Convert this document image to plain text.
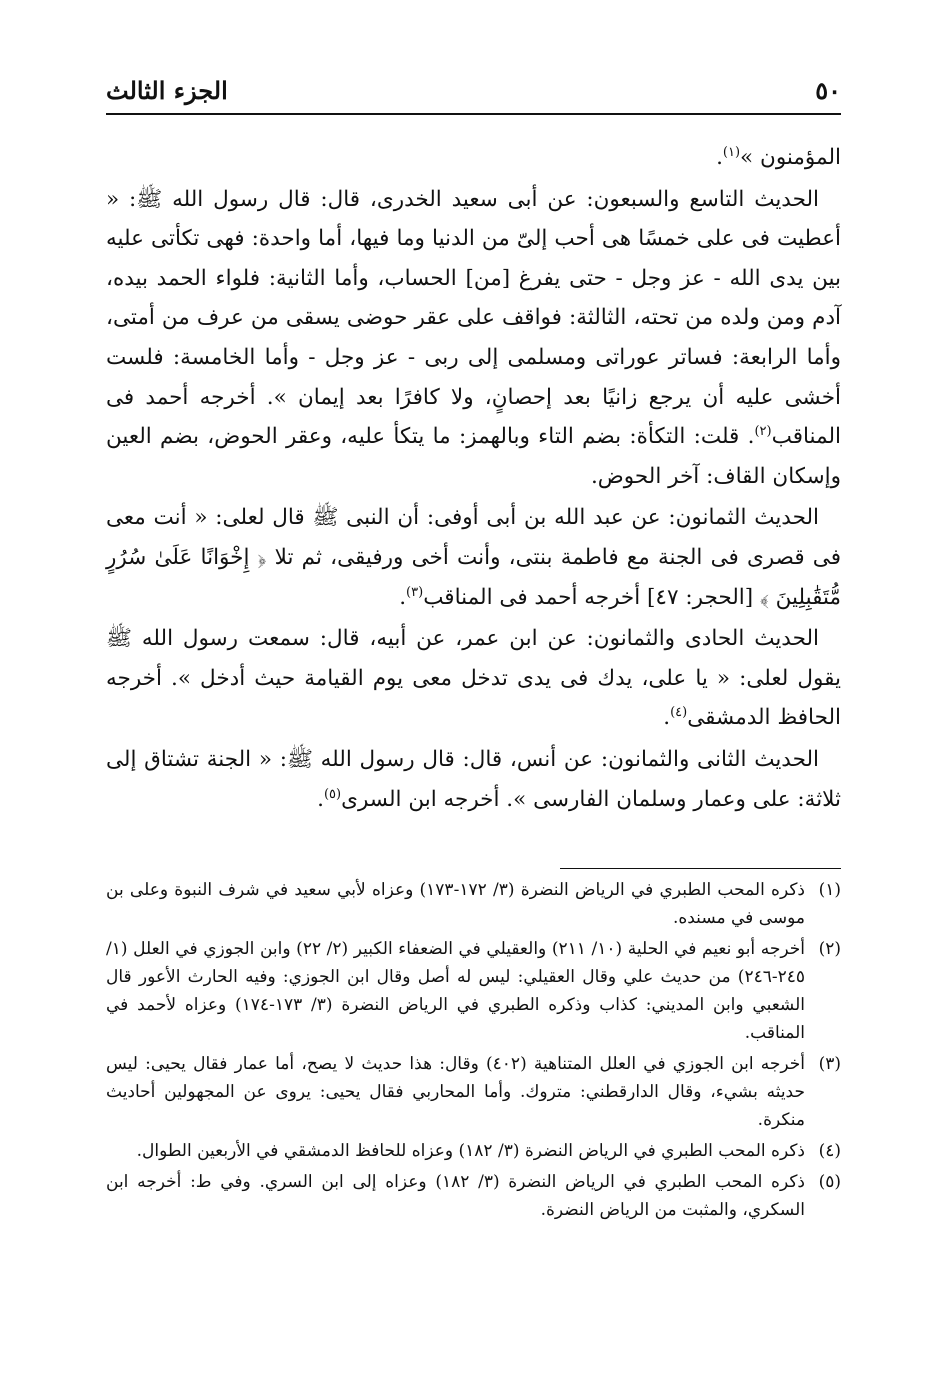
٥٠
الجزء الثالث

المؤمنون »$^{(١)}$.

الحديث التاسع والسبعون: عن أبى سعيد الخدرى، قال: قال رسول الله ﷺ: « أعطيت فى على خمسًا هى أحب إلىّ من الدنيا وما فيها، أما واحدة: فهى تكأتى عليه بين يدى الله - عز وجل - حتى يفرغ [من] الحساب، وأما الثانية: فلواء الحمد بيده، آدم ومن ولده من تحته، الثالثة: فواقف على عقر حوضى يسقى من عرف من أمتى، وأما الرابعة: فساتر عوراتى ومسلمى إلى ربى - عز وجل - وأما الخامسة: فلست أخشى عليه أن يرجع زانيًا بعد إحصانٍ، ولا كافرًا بعد إيمان ». أخرجه أحمد فى المناقب$^{(٢)}$. قلت: التكأة: بضم التاء وبالهمز: ما يتكأ عليه، وعقر الحوض، بضم العين وإسكان القاف: آخر الحوض.

الحديث الثمانون: عن عبد الله بن أبى أوفى: أن النبى ﷺ قال لعلى: « أنت معى فى قصرى فى الجنة مع فاطمة بنتى، وأنت أخى ورفيقى، ثم تلا ﴿ إِخْوَانًا عَلَىٰ سُرُرٍ مُّتَقَٰبِلِينَ ﴾ [الحجر: ٤٧] أخرجه أحمد فى المناقب$^{(٣)}$.

الحديث الحادى والثمانون: عن ابن عمر، عن أبيه، قال: سمعت رسول الله ﷺ يقول لعلى: « يا على، يدك فى يدى تدخل معى يوم القيامة حيث أدخل ». أخرجه الحافظ الدمشقى$^{(٤)}$.

الحديث الثانى والثمانون: عن أنس، قال: قال رسول الله ﷺ: « الجنة تشتاق إلى ثلاثة: على وعمار وسلمان الفارسى ». أخرجه ابن السرى$^{(٥)}$.

(١)
ذكره المحب الطبري في الرياض النضرة (٣/ ١٧٢-١٧٣) وعزاه لأبي سعيد في شرف النبوة وعلى بن موسى في مسنده.
(٢)
أخرجه أبو نعيم في الحلية (١٠/ ٢١١) والعقيلي في الضعفاء الكبير (٢/ ٢٢) وابن الجوزي في العلل (١/ ٢٤٥-٢٤٦) من حديث علي وقال العقيلي: ليس له أصل وقال ابن الجوزي: وفيه الحارث الأعور قال الشعبي وابن المديني: كذاب وذكره الطبري في الرياض النضرة (٣/ ١٧٣-١٧٤) وعزاه لأحمد في المناقب.
(٣)
أخرجه ابن الجوزي في العلل المتناهية (٤٠٢) وقال: هذا حديث لا يصح، أما عمار فقال يحيى: ليس حديثه بشيء، وقال الدارقطني: متروك. وأما المحاربي فقال يحيى: يروى عن المجهولين أحاديث منكرة.
(٤)
ذكره المحب الطبري في الرياض النضرة (٣/ ١٨٢) وعزاه للحافظ الدمشقي في الأربعين الطوال.
(٥)
ذكره المحب الطبري في الرياض النضرة (٣/ ١٨٢) وعزاه إلى ابن السري. وفي ط: أخرجه ابن السكري، والمثبت من الرياض النضرة.
